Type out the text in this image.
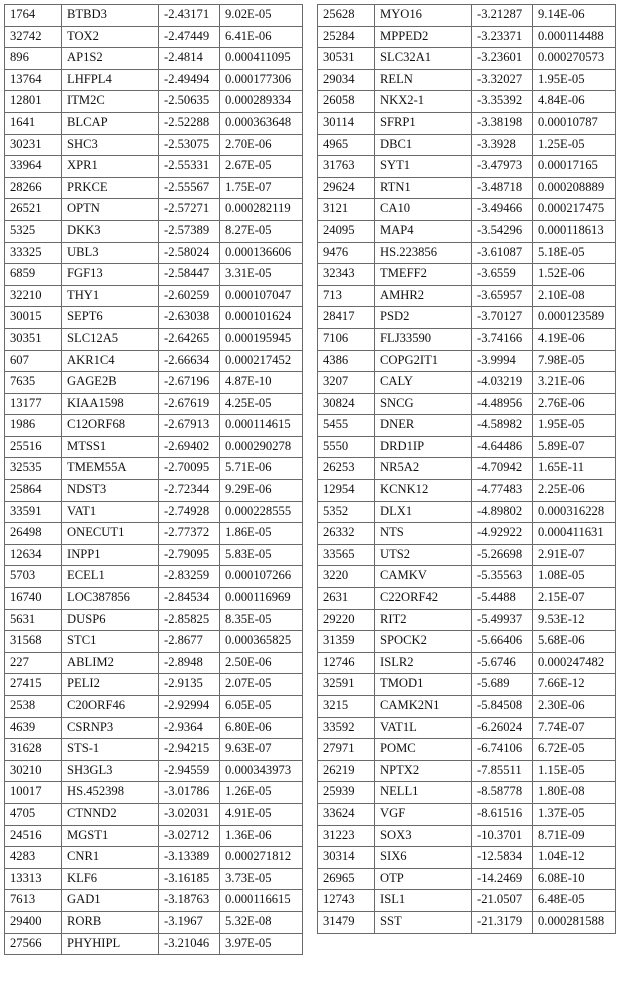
1764	BTBD3	-2.43171	9.02E-05
32742	TOX2	-2.47449	6.41E-06
896	AP1S2	-2.4814	0.000411095
13764	LHFPL4	-2.49494	0.000177306
12801	ITM2C	-2.50635	0.000289334
1641	BLCAP	-2.52288	0.000363648
30231	SHC3	-2.53075	2.70E-06
33964	XPR1	-2.55331	2.67E-05
28266	PRKCE	-2.55567	1.75E-07
26521	OPTN	-2.57271	0.000282119
5325	DKK3	-2.57389	8.27E-05
33325	UBL3	-2.58024	0.000136606
6859	FGF13	-2.58447	3.31E-05
32210	THY1	-2.60259	0.000107047
30015	SEPT6	-2.63038	0.000101624
30351	SLC12A5	-2.64265	0.000195945
607	AKR1C4	-2.66634	0.000217452
7635	GAGE2B	-2.67196	4.87E-10
13177	KIAA1598	-2.67619	4.25E-05
1986	C12ORF68	-2.67913	0.000114615
25516	MTSS1	-2.69402	0.000290278
32535	TMEM55A	-2.70095	5.71E-06
25864	NDST3	-2.72344	9.29E-06
33591	VAT1	-2.74928	0.000228555
26498	ONECUT1	-2.77372	1.86E-05
12634	INPP1	-2.79095	5.83E-05
5703	ECEL1	-2.83259	0.000107266
16740	LOC387856	-2.84534	0.000116969
5631	DUSP6	-2.85825	8.35E-05
31568	STC1	-2.8677	0.000365825
227	ABLIM2	-2.8948	2.50E-06
27415	PELI2	-2.9135	2.07E-05
2538	C20ORF46	-2.92994	6.05E-05
4639	CSRNP3	-2.9364	6.80E-06
31628	STS-1	-2.94215	9.63E-07
30210	SH3GL3	-2.94559	0.000343973
10017	HS.452398	-3.01786	1.26E-05
4705	CTNND2	-3.02031	4.91E-05
24516	MGST1	-3.02712	1.36E-06
4283	CNR1	-3.13389	0.000271812
13313	KLF6	-3.16185	3.73E-05
7613	GAD1	-3.18763	0.000116615
29400	RORB	-3.1967	5.32E-08
27566	PHYHIPL	-3.21046	3.97E-05
25628	MYO16	-3.21287	9.14E-06
25284	MPPED2	-3.23371	0.000114488
30531	SLC32A1	-3.23601	0.000270573
29034	RELN	-3.32027	1.95E-05
26058	NKX2-1	-3.35392	4.84E-06
30114	SFRP1	-3.38198	0.00010787
4965	DBC1	-3.3928	1.25E-05
31763	SYT1	-3.47973	0.00017165
29624	RTN1	-3.48718	0.000208889
3121	CA10	-3.49466	0.000217475
24095	MAP4	-3.54296	0.000118613
9476	HS.223856	-3.61087	5.18E-05
32343	TMEFF2	-3.6559	1.52E-06
713	AMHR2	-3.65957	2.10E-08
28417	PSD2	-3.70127	0.000123589
7106	FLJ33590	-3.74166	4.19E-06
4386	COPG2IT1	-3.9994	7.98E-05
3207	CALY	-4.03219	3.21E-06
30824	SNCG	-4.48956	2.76E-06
5455	DNER	-4.58982	1.95E-05
5550	DRD1IP	-4.64486	5.89E-07
26253	NR5A2	-4.70942	1.65E-11
12954	KCNK12	-4.77483	2.25E-06
5352	DLX1	-4.89802	0.000316228
26332	NTS	-4.92922	0.000411631
33565	UTS2	-5.26698	2.91E-07
3220	CAMKV	-5.35563	1.08E-05
2631	C22ORF42	-5.4488	2.15E-07
29220	RIT2	-5.49937	9.53E-12
31359	SPOCK2	-5.66406	5.68E-06
12746	ISLR2	-5.6746	0.000247482
32591	TMOD1	-5.689	7.66E-12
3215	CAMK2N1	-5.84508	2.30E-06
33592	VAT1L	-6.26024	7.74E-07
27971	POMC	-6.74106	6.72E-05
26219	NPTX2	-7.85511	1.15E-05
25939	NELL1	-8.58778	1.80E-08
33624	VGF	-8.61516	1.37E-05
31223	SOX3	-10.3701	8.71E-09
30314	SIX6	-12.5834	1.04E-12
26965	OTP	-14.2469	6.08E-10
12743	ISL1	-21.0507	6.48E-05
31479	SST	-21.3179	0.000281588
